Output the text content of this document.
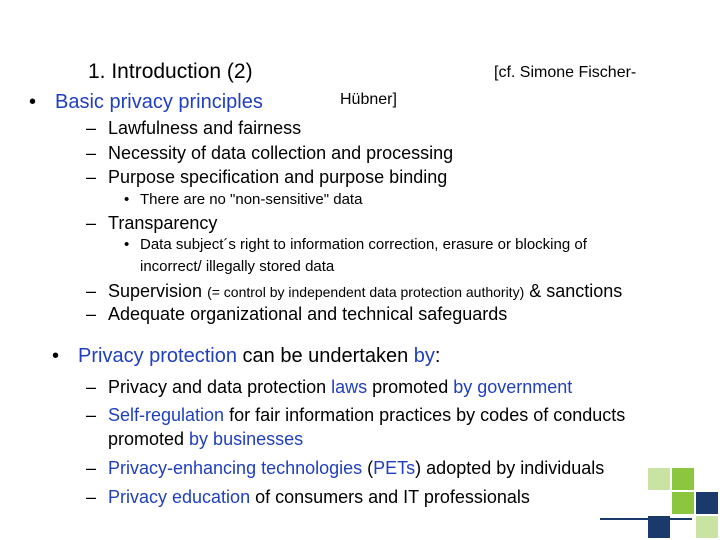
1. Introduction (2)	[cf. Simone Fischer-
Hübner]
• Basic privacy principles
– Lawfulness and fairness
– Necessity of data collection and processing
– Purpose specification and purpose binding
• There are no "non-sensitive" data
– Transparency
• Data subject´s right to information correction, erasure or blocking of
incorrect/ illegally stored data
– Supervision (= control by independent data protection authority) & sanctions
– Adequate organizational and technical safeguards
• Privacy protection can be undertaken by:
– Privacy and data protection laws promoted by government
– Self-regulation for fair information practices by codes of conducts
promoted by businesses
– Privacy-enhancing technologies (PETs) adopted by individuals
– Privacy education of consumers and IT professionals
